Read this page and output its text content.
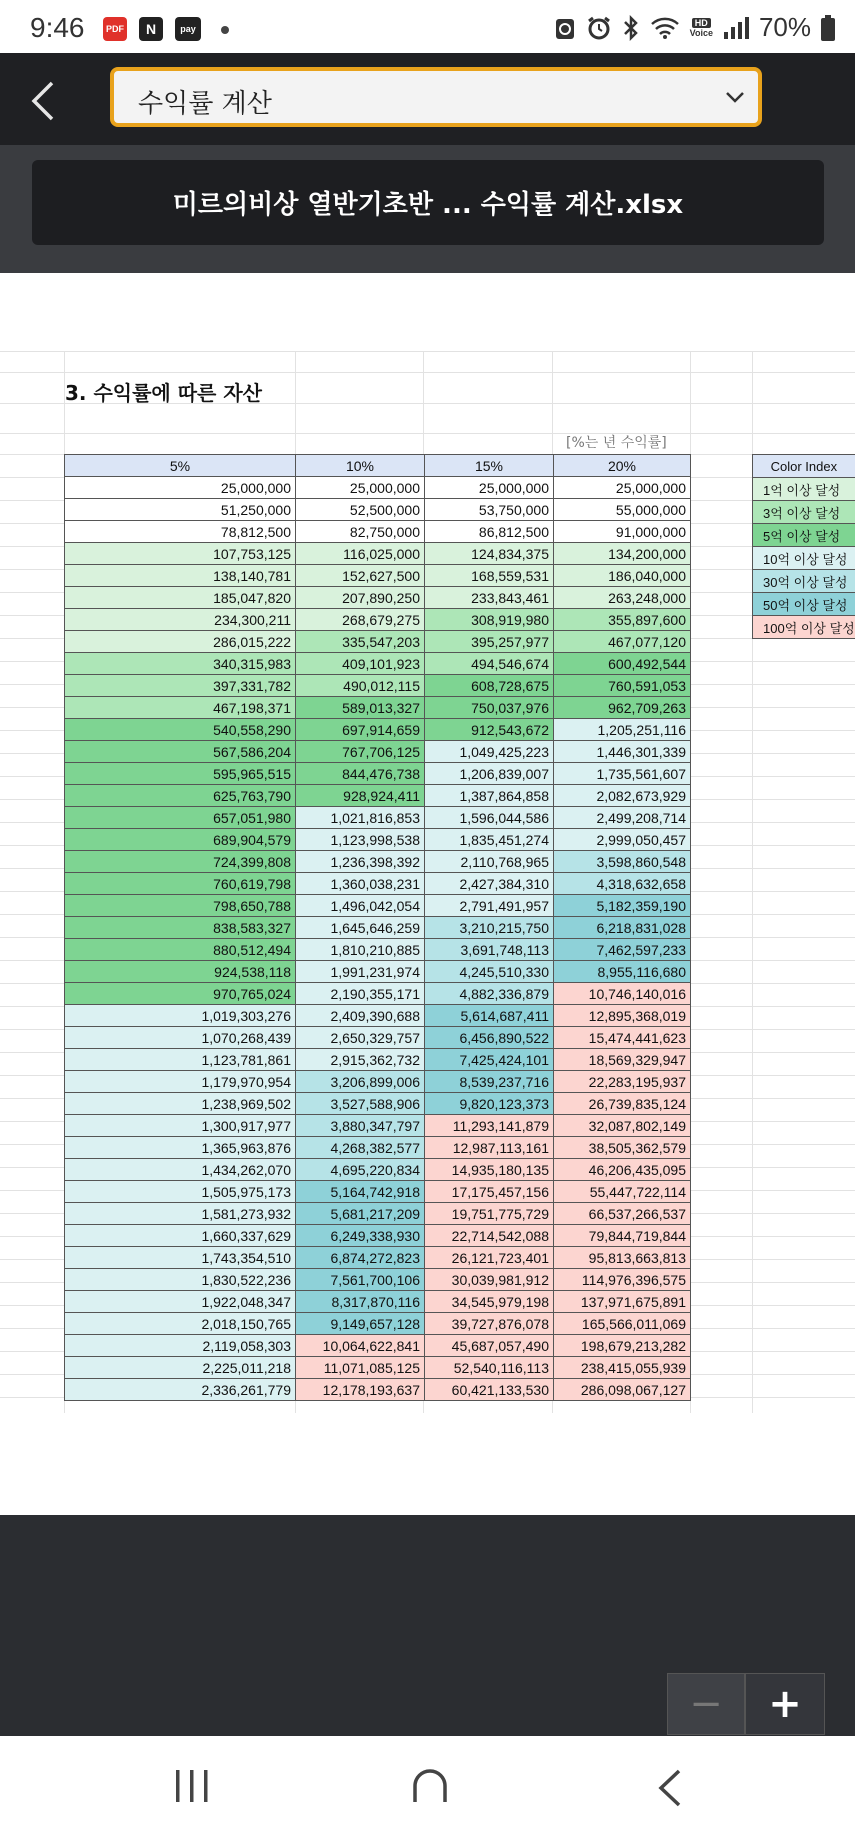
9:46	PDF	N	pay
HD
Voice 70%
수익률 계산
미르의비상 열반기초반 ... 수익률 계산.xlsx
3. 수익률에 따른 자산
[%는 년 수익률]
5%	10%	15%	20%
25,000,000	25,000,000	25,000,000	25,000,000
51,250,000	52,500,000	53,750,000	55,000,000
78,812,500	82,750,000	86,812,500	91,000,000
107,753,125	116,025,000	124,834,375	134,200,000
138,140,781	152,627,500	168,559,531	186,040,000
185,047,820	207,890,250	233,843,461	263,248,000
234,300,211	268,679,275	308,919,980	355,897,600
286,015,222	335,547,203	395,257,977	467,077,120
340,315,983	409,101,923	494,546,674	600,492,544
397,331,782	490,012,115	608,728,675	760,591,053
467,198,371	589,013,327	750,037,976	962,709,263
540,558,290	697,914,659	912,543,672	1,205,251,116
567,586,204	767,706,125	1,049,425,223	1,446,301,339
595,965,515	844,476,738	1,206,839,007	1,735,561,607
625,763,790	928,924,411	1,387,864,858	2,082,673,929
657,051,980	1,021,816,853	1,596,044,586	2,499,208,714
689,904,579	1,123,998,538	1,835,451,274	2,999,050,457
724,399,808	1,236,398,392	2,110,768,965	3,598,860,548
760,619,798	1,360,038,231	2,427,384,310	4,318,632,658
798,650,788	1,496,042,054	2,791,491,957	5,182,359,190
838,583,327	1,645,646,259	3,210,215,750	6,218,831,028
880,512,494	1,810,210,885	3,691,748,113	7,462,597,233
924,538,118	1,991,231,974	4,245,510,330	8,955,116,680
970,765,024	2,190,355,171	4,882,336,879	10,746,140,016
1,019,303,276	2,409,390,688	5,614,687,411	12,895,368,019
1,070,268,439	2,650,329,757	6,456,890,522	15,474,441,623
1,123,781,861	2,915,362,732	7,425,424,101	18,569,329,947
1,179,970,954	3,206,899,006	8,539,237,716	22,283,195,937
1,238,969,502	3,527,588,906	9,820,123,373	26,739,835,124
1,300,917,977	3,880,347,797	11,293,141,879	32,087,802,149
1,365,963,876	4,268,382,577	12,987,113,161	38,505,362,579
1,434,262,070	4,695,220,834	14,935,180,135	46,206,435,095
1,505,975,173	5,164,742,918	17,175,457,156	55,447,722,114
1,581,273,932	5,681,217,209	19,751,775,729	66,537,266,537
1,660,337,629	6,249,338,930	22,714,542,088	79,844,719,844
1,743,354,510	6,874,272,823	26,121,723,401	95,813,663,813
1,830,522,236	7,561,700,106	30,039,981,912	114,976,396,575
1,922,048,347	8,317,870,116	34,545,979,198	137,971,675,891
2,018,150,765	9,149,657,128	39,727,876,078	165,566,011,069
2,119,058,303	10,064,622,841	45,687,057,490	198,679,213,282
2,225,011,218	11,071,085,125	52,540,116,113	238,415,055,939
2,336,261,779	12,178,193,637	60,421,133,530	286,098,067,127
Color Index
1억 이상 달성
3억 이상 달성
5억 이상 달성
10억 이상 달성
30억 이상 달성
50억 이상 달성
100억 이상 달성
−	+
